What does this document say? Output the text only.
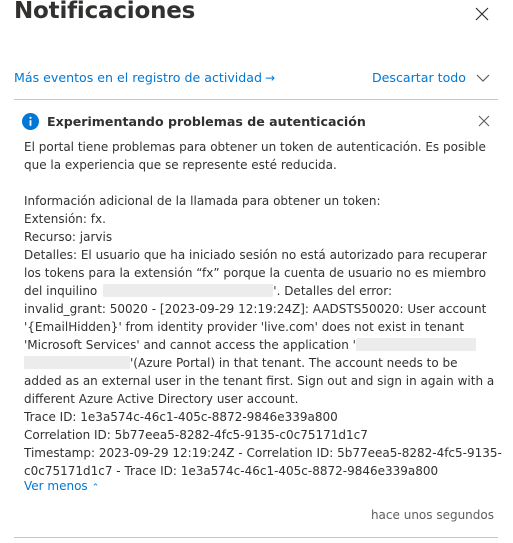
Notificaciones
Más eventos en el registro de actividad →	Descartar todo
Experimentando problemas de autenticación
El portal tiene problemas para obtener un token de autenticación. Es posible
que la experiencia que se represente esté reducida.
Información adicional de la llamada para obtener un token:
Extensión: fx.
Recurso: jarvis
Detalles: El usuario que ha iniciado sesión no está autorizado para recuperar
los tokens para la extensión “fx” porque la cuenta de usuario no es miembro
del inquilino	'. Detalles del error:
invalid_grant: 50020 - [2023-09-29 12:19:24Z]: AADSTS50020: User account
'{EmailHidden}' from identity provider 'live.com' does not exist in tenant
'Microsoft Services' and cannot access the application '
'(Azure Portal) in that tenant. The account needs to be
added as an external user in the tenant first. Sign out and sign in again with a
different Azure Active Directory user account.
Trace ID: 1e3a574c-46c1-405c-8872-9846e339a800
Correlation ID: 5b77eea5-8282-4fc5-9135-c0c75171d1c7
Timestamp: 2023-09-29 12:19:24Z - Correlation ID: 5b77eea5-8282-4fc5-9135-
c0c75171d1c7 - Trace ID: 1e3a574c-46c1-405c-8872-9846e339a800
Ver menos ⌃
hace unos segundos
